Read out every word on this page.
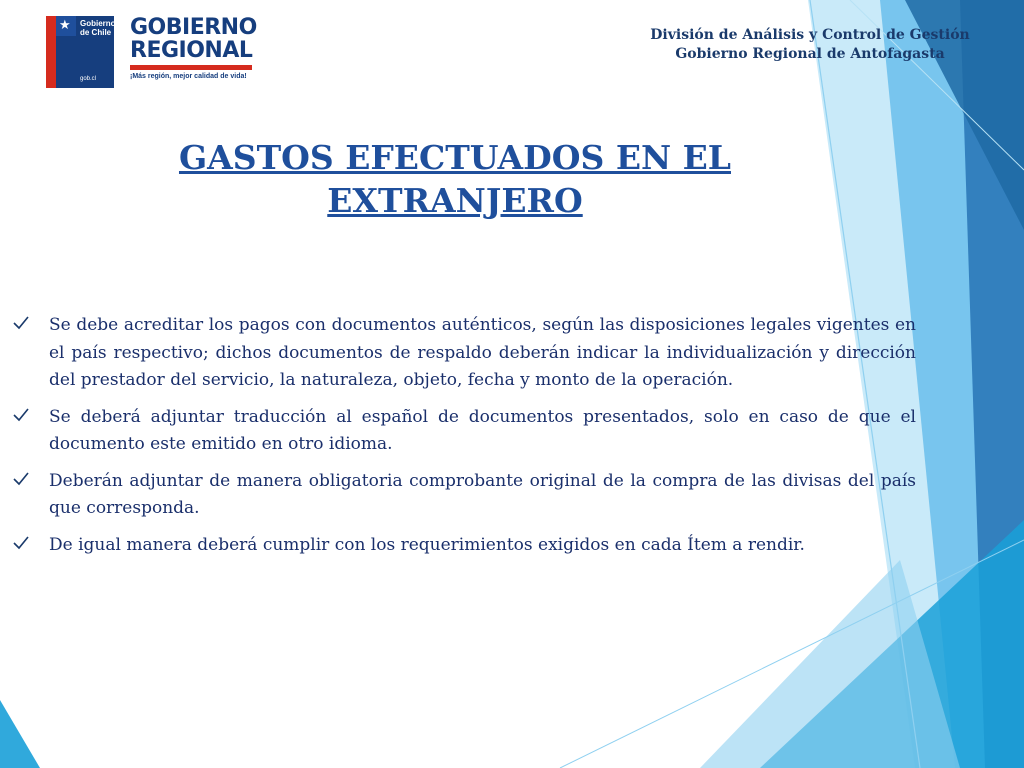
★ Gobierno
de Chile
gob.cl
GOBIERNO
REGIONAL
¡Más región, mejor calidad de vida!
División de Análisis y Control de Gestión
Gobierno Regional de Antofagasta
GASTOS EFECTUADOS EN EL
EXTRANJERO
Se debe acreditar los pagos con documentos auténticos, según las disposiciones legales vigentes en el país respectivo; dichos documentos de respaldo deberán indicar la individualización y dirección del prestador del servicio, la naturaleza, objeto, fecha y monto de la operación.
Se deberá adjuntar traducción al español de documentos presentados, solo en caso de que el documento este emitido en otro idioma.
Deberán adjuntar de manera obligatoria comprobante original de la compra de las divisas del país que corresponda.
De igual manera deberá cumplir con los requerimientos exigidos en cada Ítem a rendir.
